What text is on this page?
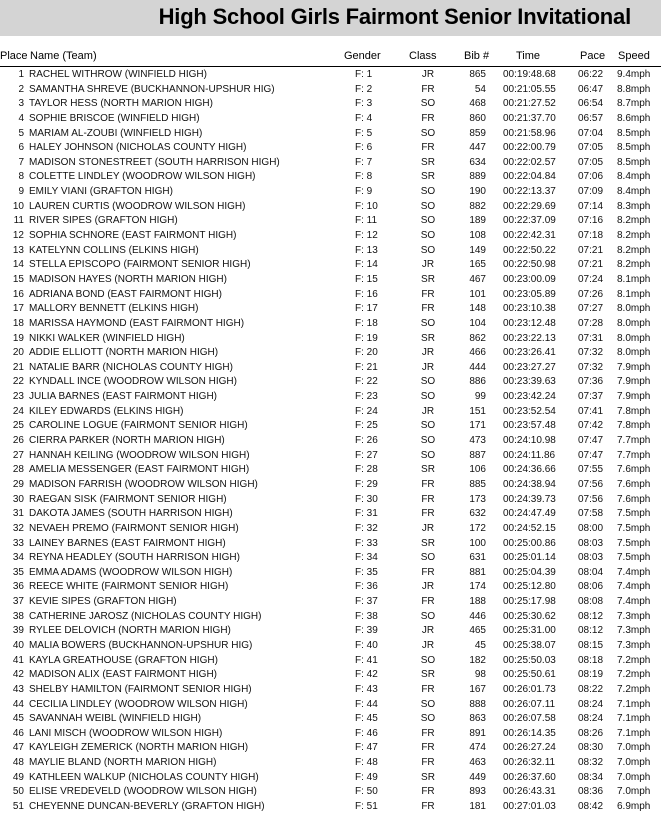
High School Girls Fairmont Senior Invitational
Place Name (Team)	Gender	Class Bib # Time	Pace Speed
1 RACHEL WITHROW (WINFIELD HIGH)	F: 1	JR	865 00:19:48.68 06:22 9.4mph
2 SAMANTHA SHREVE (BUCKHANNON-UPSHUR HIG)	F: 2	FR	54 00:21:05.55 06:47 8.8mph
3 TAYLOR HESS (NORTH MARION HIGH)	F: 3	SO	468 00:21:27.52 06:54 8.7mph
4 SOPHIE BRISCOE (WINFIELD HIGH)	F: 4	FR	860 00:21:37.70 06:57 8.6mph
5 MARIAM AL-ZOUBI (WINFIELD HIGH)	F: 5	SO	859 00:21:58.96 07:04 8.5mph
6 HALEY JOHNSON (NICHOLAS COUNTY HIGH)	F: 6	FR	447 00:22:00.79 07:05 8.5mph
7 MADISON STONESTREET (SOUTH HARRISON HIGH)	F: 7	SR	634 00:22:02.57 07:05 8.5mph
8 COLETTE LINDLEY (WOODROW WILSON HIGH)	F: 8	SR	889 00:22:04.84 07:06 8.4mph
9 EMILY VIANI (GRAFTON HIGH)	F: 9	SO	190 00:22:13.37 07:09 8.4mph
10 LAUREN CURTIS (WOODROW WILSON HIGH)	F: 10	SO	882 00:22:29.69 07:14 8.3mph
11 RIVER SIPES (GRAFTON HIGH)	F: 11	SO	189 00:22:37.09 07:16 8.2mph
12 SOPHIA SCHNORE (EAST FAIRMONT HIGH)	F: 12	SO	108 00:22:42.31 07:18 8.2mph
13 KATELYNN COLLINS (ELKINS HIGH)	F: 13	SO	149 00:22:50.22 07:21 8.2mph
14 STELLA EPISCOPO (FAIRMONT SENIOR HIGH)	F: 14	JR	165 00:22:50.98 07:21 8.2mph
15 MADISON HAYES (NORTH MARION HIGH)	F: 15	SR	467 00:23:00.09 07:24 8.1mph
16 ADRIANA BOND (EAST FAIRMONT HIGH)	F: 16	FR	101 00:23:05.89 07:26 8.1mph
17 MALLORY BENNETT (ELKINS HIGH)	F: 17	FR	148 00:23:10.38 07:27 8.0mph
18 MARISSA HAYMOND (EAST FAIRMONT HIGH)	F: 18	SO	104 00:23:12.48 07:28 8.0mph
19 NIKKI WALKER (WINFIELD HIGH)	F: 19	SR	862 00:23:22.13 07:31 8.0mph
20 ADDIE ELLIOTT (NORTH MARION HIGH)	F: 20	JR	466 00:23:26.41 07:32 8.0mph
21 NATALIE BARR (NICHOLAS COUNTY HIGH)	F: 21	JR	444 00:23:27.27 07:32 7.9mph
22 KYNDALL INCE (WOODROW WILSON HIGH)	F: 22	SO	886 00:23:39.63 07:36 7.9mph
23 JULIA BARNES (EAST FAIRMONT HIGH)	F: 23	SO	99 00:23:42.24 07:37 7.9mph
24 KILEY EDWARDS (ELKINS HIGH)	F: 24	JR	151 00:23:52.54 07:41 7.8mph
25 CAROLINE LOGUE (FAIRMONT SENIOR HIGH)	F: 25	SO	171 00:23:57.48 07:42 7.8mph
26 CIERRA PARKER (NORTH MARION HIGH)	F: 26	SO	473 00:24:10.98 07:47 7.7mph
27 HANNAH KEILING (WOODROW WILSON HIGH)	F: 27	SO	887 00:24:11.86 07:47 7.7mph
28 AMELIA MESSENGER (EAST FAIRMONT HIGH)	F: 28	SR	106 00:24:36.66 07:55 7.6mph
29 MADISON FARRISH (WOODROW WILSON HIGH)	F: 29	FR	885 00:24:38.94 07:56 7.6mph
30 RAEGAN SISK (FAIRMONT SENIOR HIGH)	F: 30	FR	173 00:24:39.73 07:56 7.6mph
31 DAKOTA JAMES (SOUTH HARRISON HIGH)	F: 31	FR	632 00:24:47.49 07:58 7.5mph
32 NEVAEH PREMO (FAIRMONT SENIOR HIGH)	F: 32	JR	172 00:24:52.15 08:00 7.5mph
33 LAINEY BARNES (EAST FAIRMONT HIGH)	F: 33	SR	100 00:25:00.86 08:03 7.5mph
34 REYNA HEADLEY (SOUTH HARRISON HIGH)	F: 34	SO	631 00:25:01.14 08:03 7.5mph
35 EMMA ADAMS (WOODROW WILSON HIGH)	F: 35	FR	881 00:25:04.39 08:04 7.4mph
36 REECE WHITE (FAIRMONT SENIOR HIGH)	F: 36	JR	174 00:25:12.80 08:06 7.4mph
37 KEVIE SIPES (GRAFTON HIGH)	F: 37	FR	188 00:25:17.98 08:08 7.4mph
38 CATHERINE JAROSZ (NICHOLAS COUNTY HIGH)	F: 38	SO	446 00:25:30.62 08:12 7.3mph
39 RYLEE DELOVICH (NORTH MARION HIGH)	F: 39	JR	465 00:25:31.00 08:12 7.3mph
40 MALIA BOWERS (BUCKHANNON-UPSHUR HIG)	F: 40	JR	45 00:25:38.07 08:15 7.3mph
41 KAYLA GREATHOUSE (GRAFTON HIGH)	F: 41	SO	182 00:25:50.03 08:18 7.2mph
42 MADISON ALIX (EAST FAIRMONT HIGH)	F: 42	SR	98 00:25:50.61 08:19 7.2mph
43 SHELBY HAMILTON (FAIRMONT SENIOR HIGH)	F: 43	FR	167 00:26:01.73 08:22 7.2mph
44 CECILIA LINDLEY (WOODROW WILSON HIGH)	F: 44	SO	888 00:26:07.11 08:24 7.1mph
45 SAVANNAH WEIBL (WINFIELD HIGH)	F: 45	SO	863 00:26:07.58 08:24 7.1mph
46 LANI MISCH (WOODROW WILSON HIGH)	F: 46	FR	891 00:26:14.35 08:26 7.1mph
47 KAYLEIGH ZEMERICK (NORTH MARION HIGH)	F: 47	FR	474 00:26:27.24 08:30 7.0mph
48 MAYLIE BLAND (NORTH MARION HIGH)	F: 48	FR	463 00:26:32.11 08:32 7.0mph
49 KATHLEEN WALKUP (NICHOLAS COUNTY HIGH)	F: 49	SR	449 00:26:37.60 08:34 7.0mph
50 ELISE VREDEVELD (WOODROW WILSON HIGH)	F: 50	FR	893 00:26:43.31 08:36 7.0mph
51 CHEYENNE DUNCAN-BEVERLY (GRAFTON HIGH)	F: 51	FR	181 00:27:01.03 08:42 6.9mph
